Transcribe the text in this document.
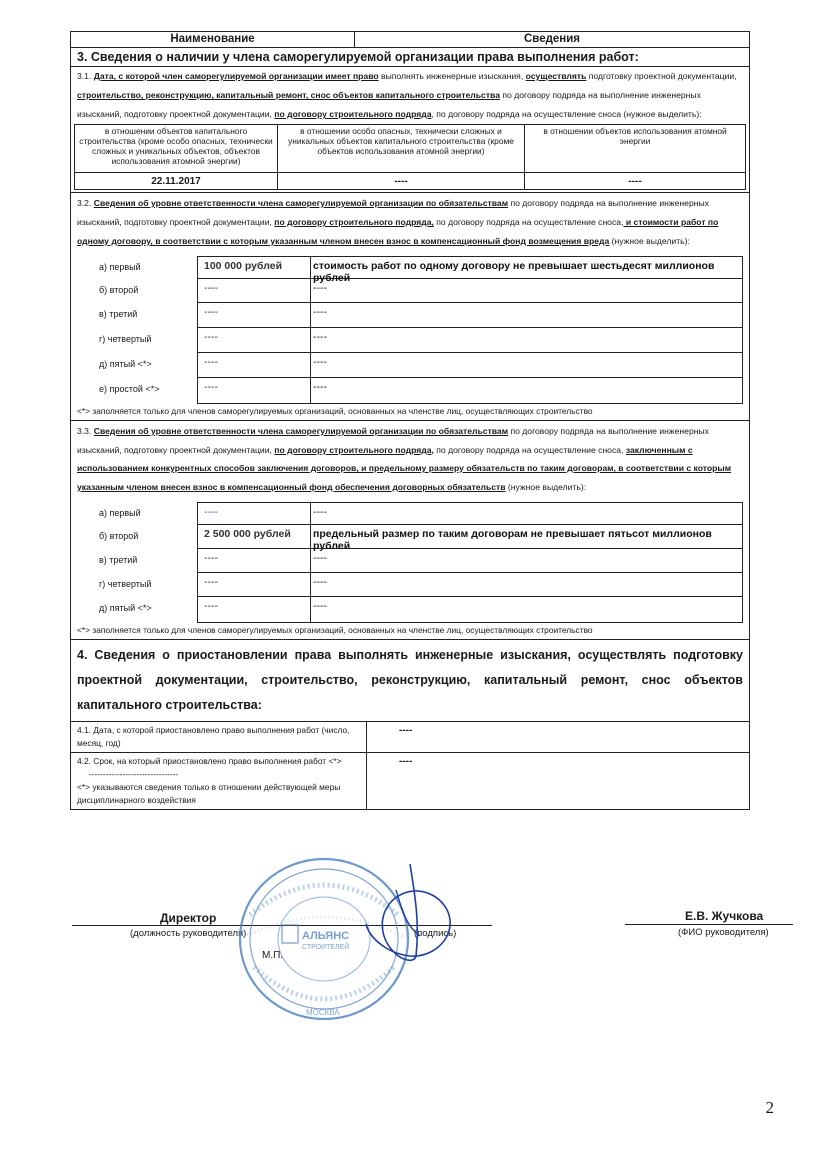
Наименование	Сведения
3. Сведения о наличии у члена саморегулируемой организации права выполнения работ:
3.1. Дата, с которой член саморегулируемой организации имеет право выполнять инженерные изыскания, осуществлять подготовку проектной документации,
строительство, реконструкцию, капитальный ремонт, снос объектов капитального строительства по договору подряда на выполнение инженерных
изысканий, подготовку проектной документации, по договору строительного подряда, по договору подряда на осуществление сноса (нужное выделить):
в отношении объектов капитального строительства (кроме особо опасных, технически сложных и уникальных объектов, объектов использования атомной энергии)	в отношении особо опасных, технически сложных и уникальных объектов капитального строительства (кроме объектов использования атомной энергии)	в отношении объектов использования атомной энергии
22.11.2017	----	----
3.2. Сведения об уровне ответственности члена саморегулируемой организации по обязательствам по договору подряда на выполнение инженерных
изысканий, подготовку проектной документации, по договору строительного подряда, по договору подряда на осуществление сноса, и стоимости работ по
одному договору, в соответствии с которым указанным членом внесен взнос в компенсационный фонд возмещения вреда (нужное выделить):
а) первый	100 000 рублей	стоимость работ по одному договору не превышает шестьдесят миллионов рублей
б) второй	----	----
в) третий	----	----
г) четвертый	----	----
д) пятый <*>	----	----
е) простой <*>	----	----
<*> заполняется только для членов саморегулируемых организаций, основанных на членстве лиц, осуществляющих строительство
3.3. Сведения об уровне ответственности члена саморегулируемой организации по обязательствам по договору подряда на выполнение инженерных
изысканий, подготовку проектной документации, по договору строительного подряда, по договору подряда на осуществление сноса, заключенным с
использованием конкурентных способов заключения договоров, и предельному размеру обязательств по таким договорам, в соответствии с которым
указанным членом внесен взнос в компенсационный фонд обеспечения договорных обязательств (нужное выделить):
а) первый	----	----
б) второй	2 500 000 рублей	предельный размер по таким договорам не превышает пятьсот миллионов рублей
в) третий	----	----
г) четвертый	----	----
д) пятый <*>	----	----
<*> заполняется только для членов саморегулируемых организаций, основанных на членстве лиц, осуществляющих строительство
4. Сведения о приостановлении права выполнять инженерные изыскания, осуществлять подготовку проектной документации, строительство, реконструкцию, капитальный ремонт, снос объектов капитального строительства:
4.1. Дата, с которой приостановлено право выполнения работ (число, месяц, год)
----
4.2. Срок, на который приостановлено право выполнения работ <*>
--------------------------------
<*> указываются сведения только в отношении действующей меры дисциплинарного воздействия
----
Директор
(должность руководителя)	(подпись)
Е.В. Жучкова
(ФИО руководителя)
АЛЬЯНС
СТРОИТЕЛЕЙ
МОСКВА
М.П.
2
